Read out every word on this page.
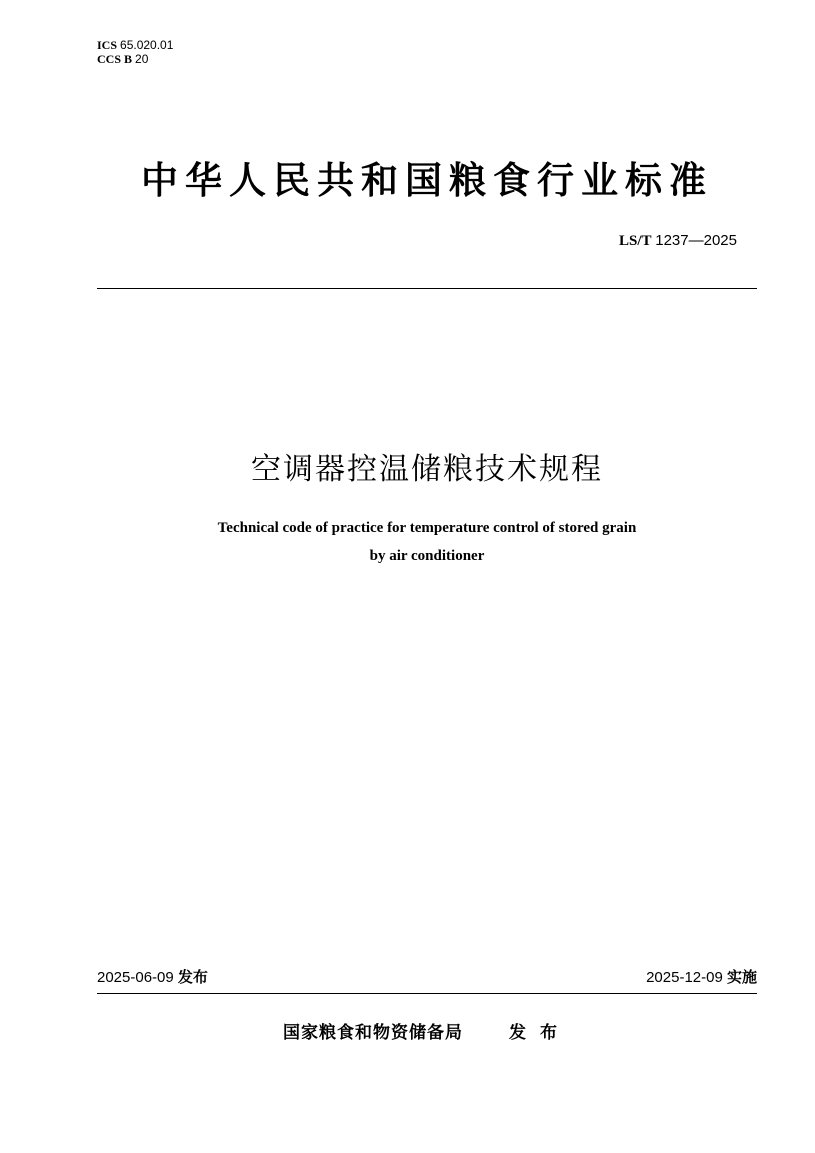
ICS 65.020.01
CCS B 20
中华人民共和国粮食行业标准
LS/T 1237—2025
空调器控温储粮技术规程
Technical code of practice for temperature control of stored grain
by air conditioner
2025-06-09 发布	2025-12-09 实施
国家粮食和物资储备局	发布
